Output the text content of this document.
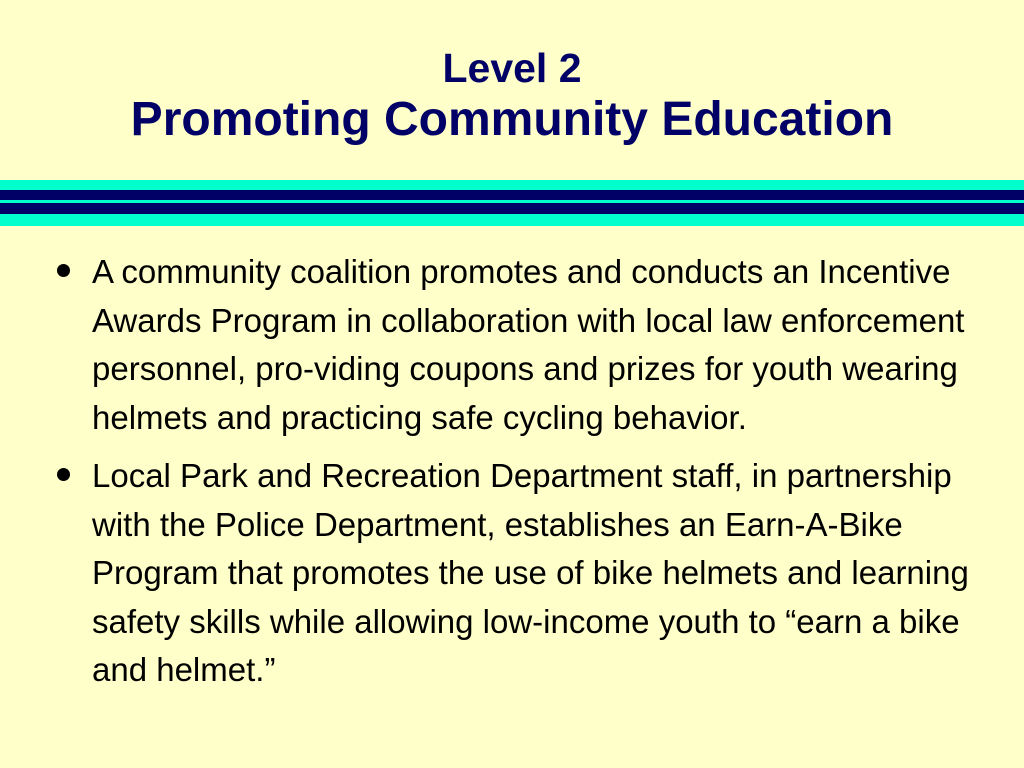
Level 2
Promoting Community Education
A community coalition promotes and conducts an Incentive Awards Program in collaboration with local law enforcement personnel, pro-viding coupons and prizes for youth wearing helmets and practicing safe cycling behavior.
Local Park and Recreation Department staff, in partnership with the Police Department, establishes an Earn-A-Bike Program that promotes the use of bike helmets and learning safety skills while allowing low-income youth to “earn a bike and helmet.”
